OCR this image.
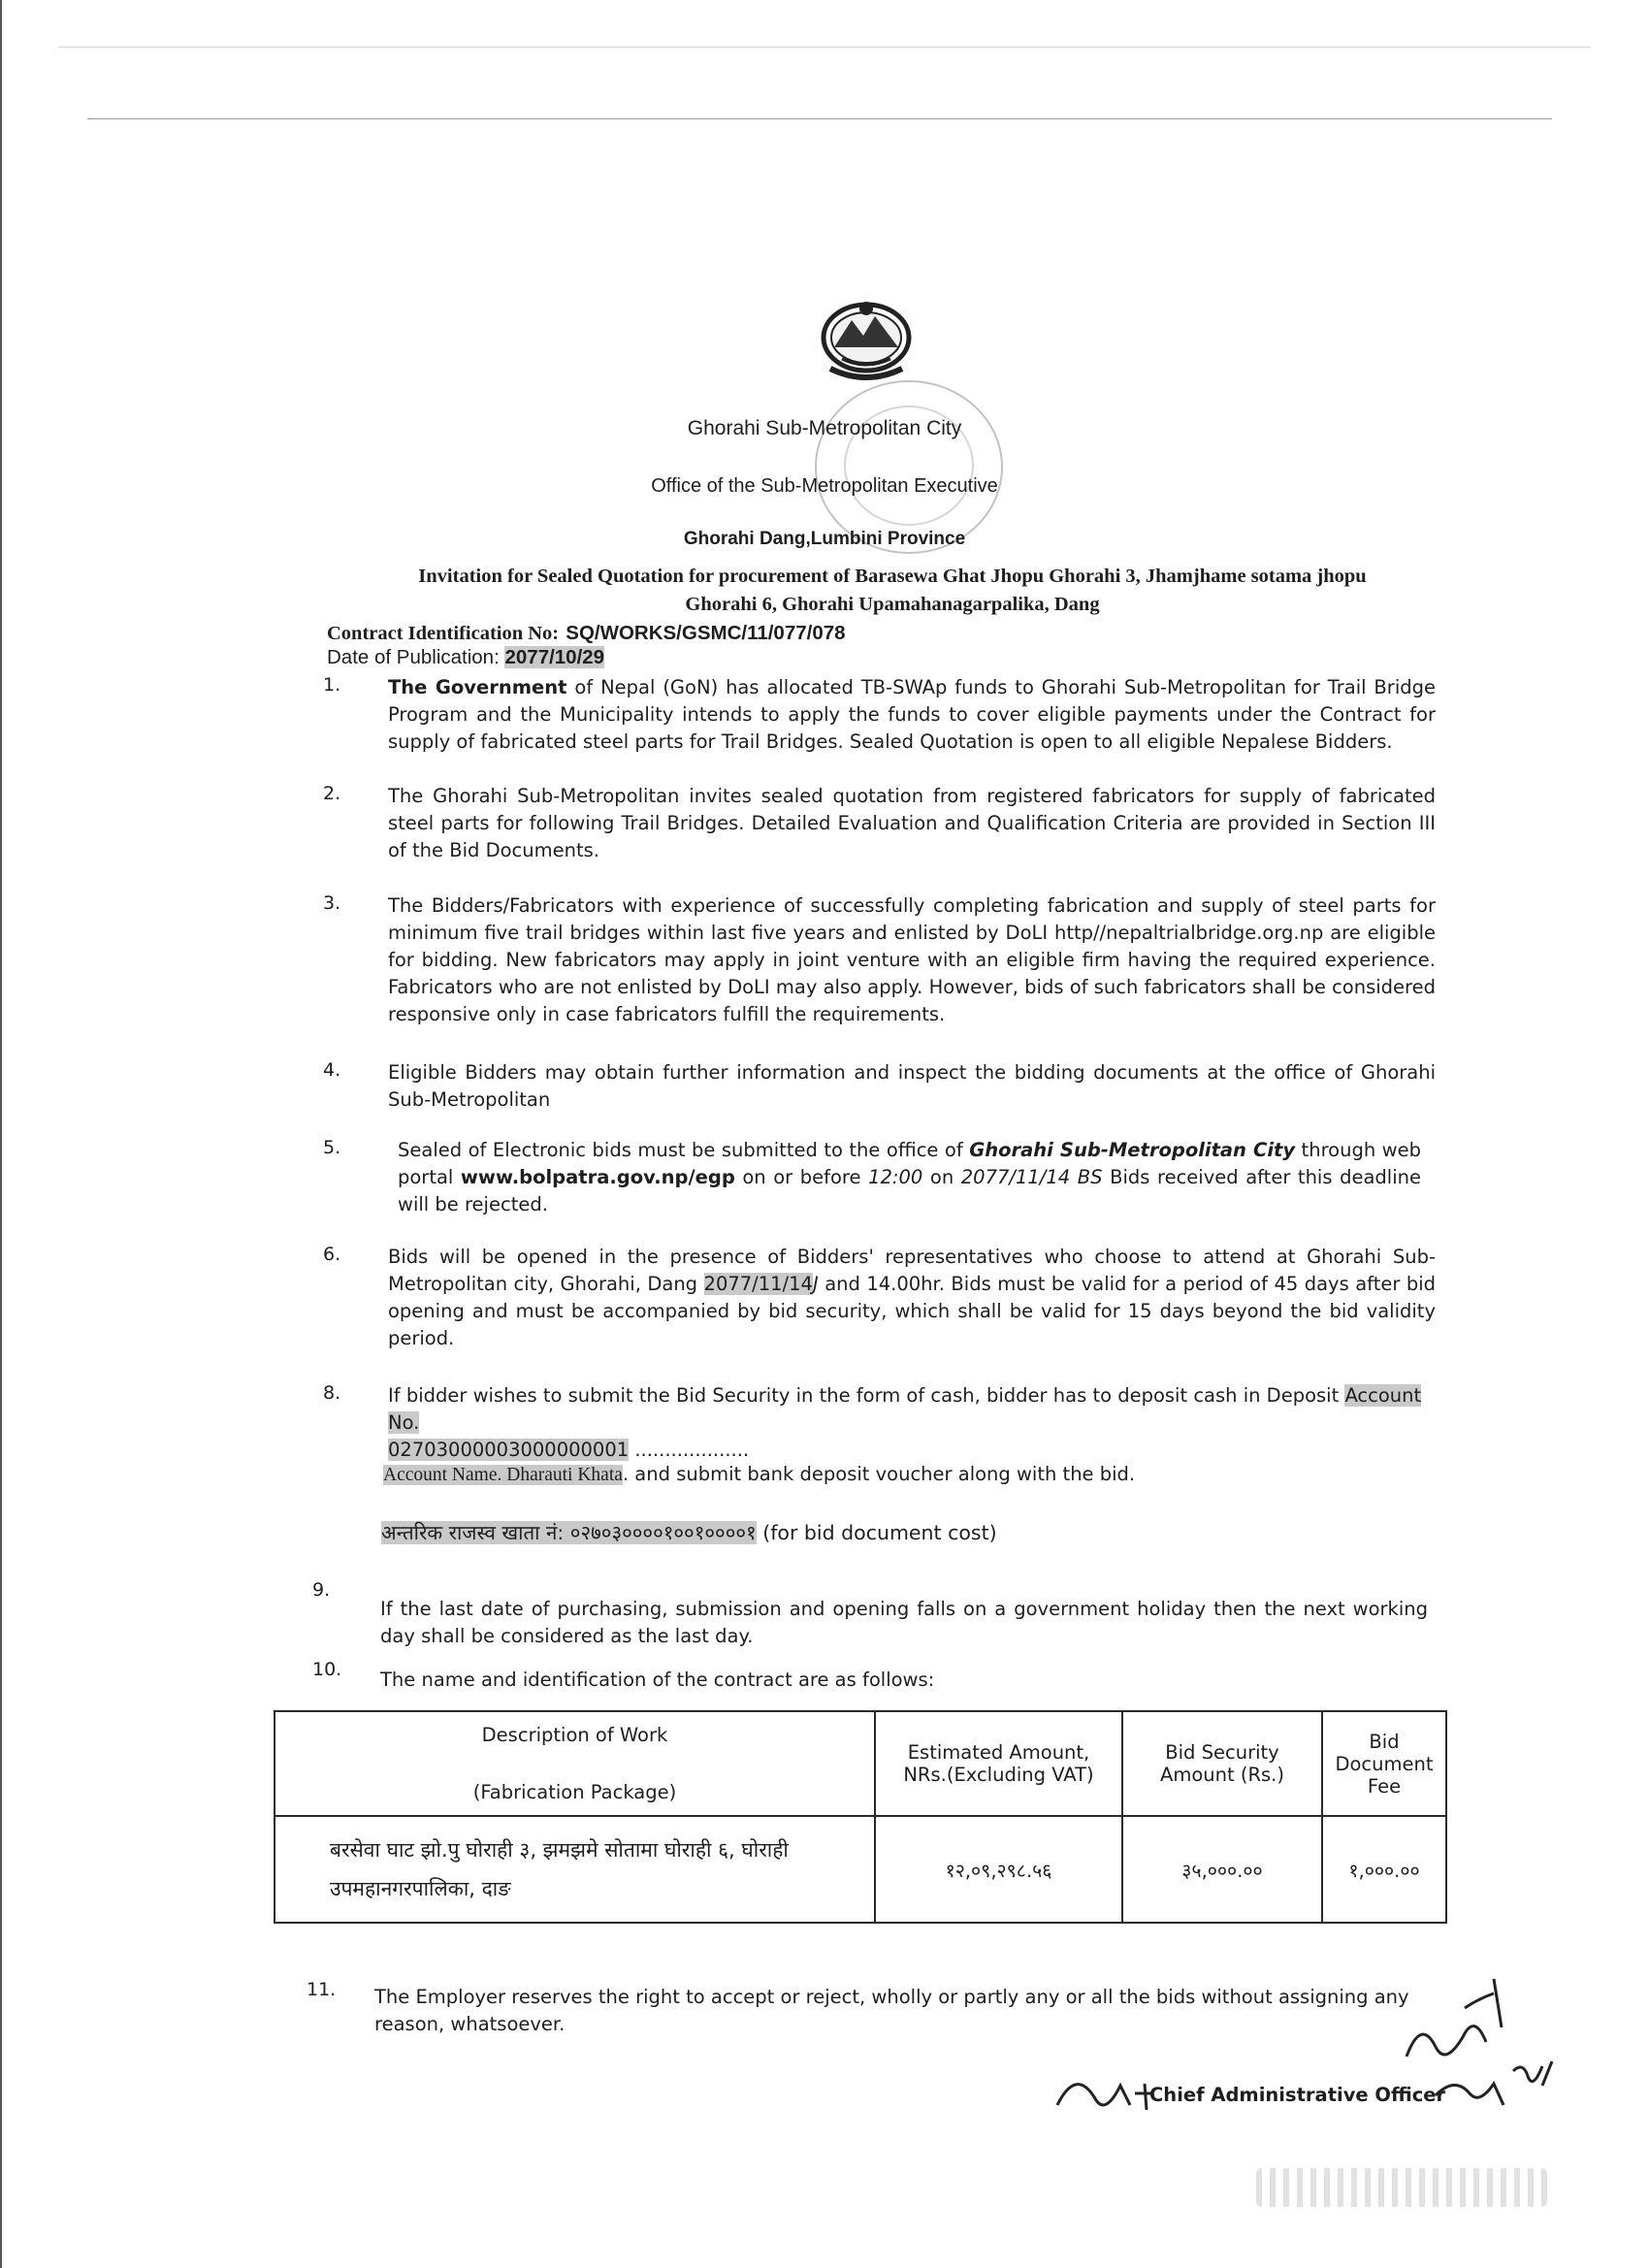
Ghorahi Sub-Metropolitan City
Office of the Sub-Metropolitan Executive
Ghorahi Dang,Lumbini Province
Invitation for Sealed Quotation for procurement of Barasewa Ghat Jhopu Ghorahi 3, Jhamjhame sotama jhopu
Ghorahi 6, Ghorahi Upamahanagarpalika, Dang
Contract Identification No: SQ/WORKS/GSMC/11/077/078
Date of Publication: 2077/10/29
1.	The Government of Nepal (GoN) has allocated TB-SWAp funds to Ghorahi Sub-Metropolitan for Trail Bridge Program and the Municipality intends to apply the funds to cover eligible payments under the Contract for supply of fabricated steel parts for Trail Bridges. Sealed Quotation is open to all eligible Nepalese Bidders.
2.	The Ghorahi Sub-Metropolitan invites sealed quotation from registered fabricators for supply of fabricated steel parts for following Trail Bridges. Detailed Evaluation and Qualification Criteria are provided in Section III of the Bid Documents.
3.	The Bidders/Fabricators with experience of successfully completing fabrication and supply of steel parts for minimum five trail bridges within last five years and enlisted by DoLI http//nepaltrialbridge.org.np are eligible for bidding. New fabricators may apply in joint venture with an eligible firm having the required experience. Fabricators who are not enlisted by DoLI may also apply. However, bids of such fabricators shall be considered responsive only in case fabricators fulfill the requirements.
4.	Eligible Bidders may obtain further information and inspect the bidding documents at the office of Ghorahi Sub-Metropolitan
5.	Sealed of Electronic bids must be submitted to the office of Ghorahi Sub-Metropolitan City through web portal www.bolpatra.gov.np/egp on or before 12:00 on 2077/11/14 BS Bids received after this deadline will be rejected.
6.	Bids will be opened in the presence of Bidders' representatives who choose to attend at Ghorahi Sub-Metropolitan city, Ghorahi, Dang 2077/11/14J and 14.00hr. Bids must be valid for a period of 45 days after bid opening and must be accompanied by bid security, which shall be valid for 15 days beyond the bid validity period.
8.	If bidder wishes to submit the Bid Security in the form of cash, bidder has to deposit cash in Deposit Account No.
02703000003000000001 ...................
Account Name. Dharauti Khata. and submit bank deposit voucher along with the bid.
अन्तरिक राजस्व खाता नं: ०२७०३००००१००१००००१ (for bid document cost)
9.
If the last date of purchasing, submission and opening falls on a government holiday then the next working day shall be considered as the last day.
10. The name and identification of the contract are as follows:
Description of Work
(Fabrication Package)	Estimated Amount, NRs.(Excluding VAT)	Bid Security Amount (Rs.)	Bid Document Fee
बरसेवा घाट झो.पु घोराही ३, झमझमे सोतामा घोराही ६, घोराही उपमहानगरपालिका, दाङ	१२,०९,२९८.५६	३५,०००.००	१,०००.००
11. The Employer reserves the right to accept or reject, wholly or partly any or all the bids without assigning any reason, whatsoever.
Chief Administrative Officer
